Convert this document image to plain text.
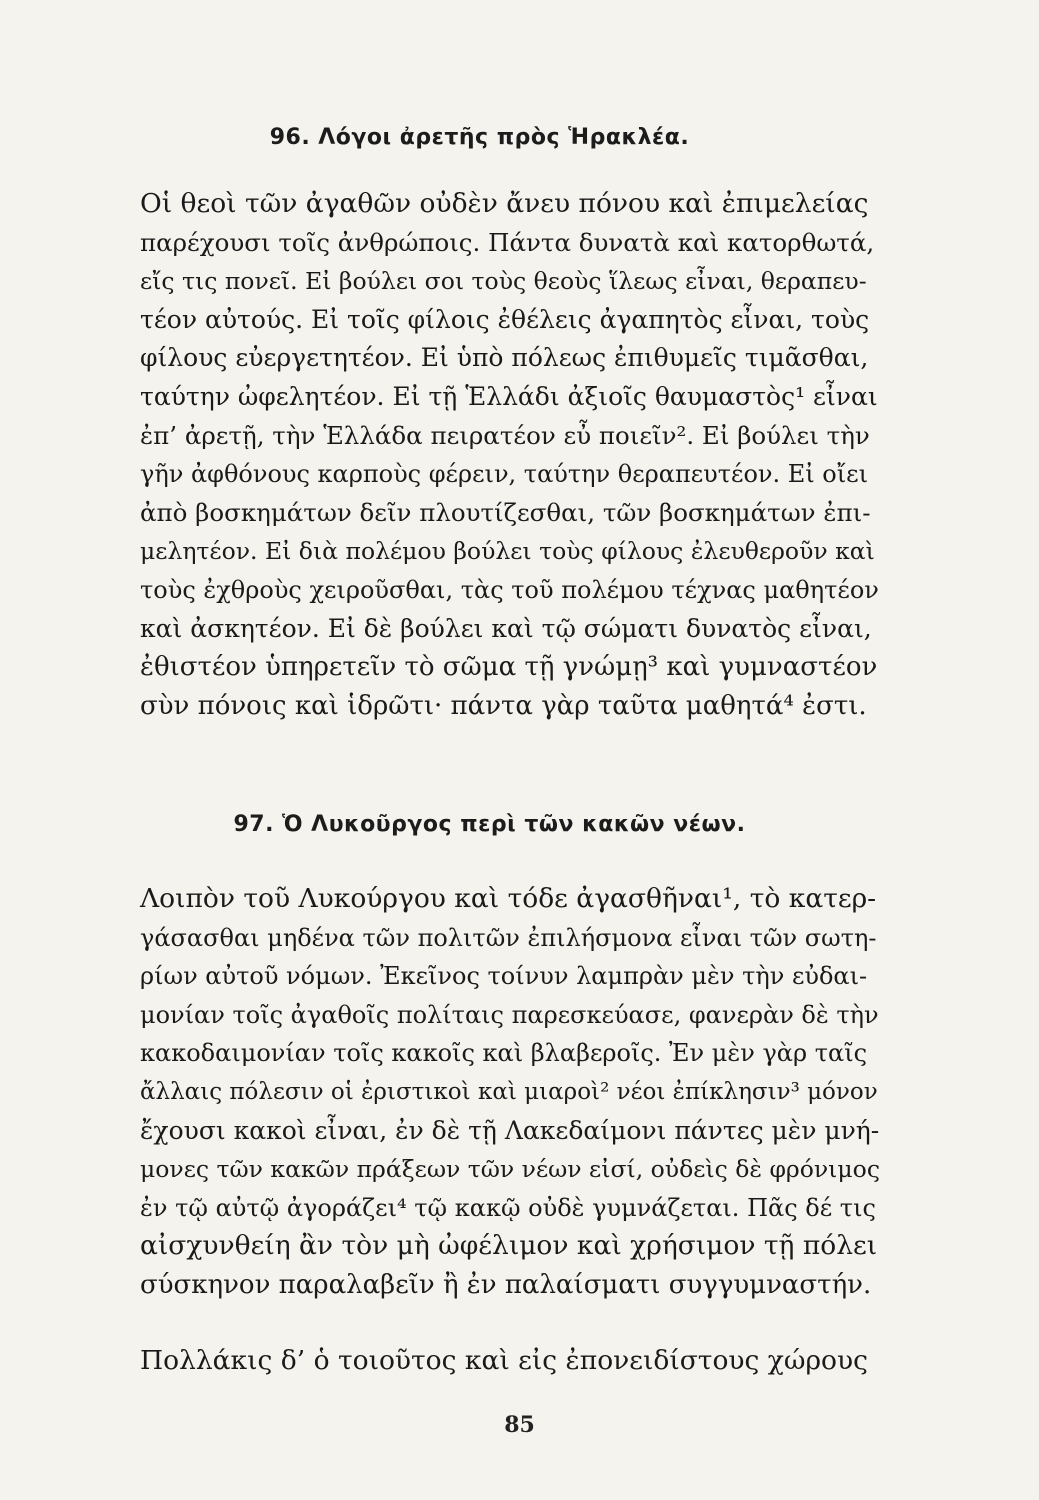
96. Λόγοι ἀρετῆς πρὸς Ἡρακλέα.
Οἱ θεοὶ τῶν ἀγαθῶν οὐδὲν ἄνευ πόνου καὶ ἐπιμελείας
παρέχουσι τοῖς ἀνθρώποις. Πάντα δυνατὰ καὶ κατορθωτά,
εἴς τις πονεῖ. Εἰ βούλει σοι τοὺς θεοὺς ἵλεως εἶναι, θεραπευ-
τέον αὐτούς. Εἰ τοῖς φίλοις ἐθέλεις ἀγαπητὸς εἶναι, τοὺς
φίλους εὐεργετητέον. Εἰ ὑπὸ πόλεως ἐπιθυμεῖς τιμᾶσθαι,
ταύτην ὠφελητέον. Εἰ τῇ Ἑλλάδι ἀξιοῖς θαυμαστὸς¹ εἶναι
ἐπ’ ἀρετῇ, τὴν Ἑλλάδα πειρατέον εὖ ποιεῖν². Εἰ βούλει τὴν
γῆν ἀφθόνους καρποὺς φέρειν, ταύτην θεραπευτέον. Εἰ οἴει
ἀπὸ βοσκημάτων δεῖν πλουτίζεσθαι, τῶν βοσκημάτων ἐπι-
μελητέον. Εἰ διὰ πολέμου βούλει τοὺς φίλους ἐλευθεροῦν καὶ
τοὺς ἐχθροὺς χειροῦσθαι, τὰς τοῦ πολέμου τέχνας μαθητέον
καὶ ἀσκητέον. Εἰ δὲ βούλει καὶ τῷ σώματι δυνατὸς εἶναι,
ἐθιστέον ὑπηρετεῖν τὸ σῶμα τῇ γνώμῃ³ καὶ γυμναστέον
σὺν πόνοις καὶ ἱδρῶτι· πάντα γὰρ ταῦτα μαθητά⁴ ἐστι.
97. Ὁ Λυκοῦργος περὶ τῶν κακῶν νέων.
Λοιπὸν τοῦ Λυκούργου καὶ τόδε ἀγασθῆναι¹, τὸ κατερ-
γάσασθαι μηδένα τῶν πολιτῶν ἐπιλήσμονα εἶναι τῶν σωτη-
ρίων αὐτοῦ νόμων. Ἐκεῖνος τοίνυν λαμπρὰν μὲν τὴν εὐδαι-
μονίαν τοῖς ἀγαθοῖς πολίταις παρεσκεύασε, φανερὰν δὲ τὴν
κακοδαιμονίαν τοῖς κακοῖς καὶ βλαβεροῖς. Ἐν μὲν γὰρ ταῖς
ἄλλαις πόλεσιν οἱ ἐριστικοὶ καὶ μιαροὶ² νέοι ἐπίκλησιν³ μόνον
ἔχουσι κακοὶ εἶναι, ἐν δὲ τῇ Λακεδαίμονι πάντες μὲν μνή-
μονες τῶν κακῶν πράξεων τῶν νέων εἰσί, οὐδεὶς δὲ φρόνιμος
ἐν τῷ αὐτῷ ἀγοράζει⁴ τῷ κακῷ οὐδὲ γυμνάζεται. Πᾶς δέ τις
αἰσχυνθείη ἂν τὸν μὴ ὠφέλιμον καὶ χρήσιμον τῇ πόλει
σύσκηνον παραλαβεῖν ἢ ἐν παλαίσματι συγγυμναστήν.
Πολλάκις δ’ ὁ τοιοῦτος καὶ εἰς ἐπονειδίστους χώρους
85
